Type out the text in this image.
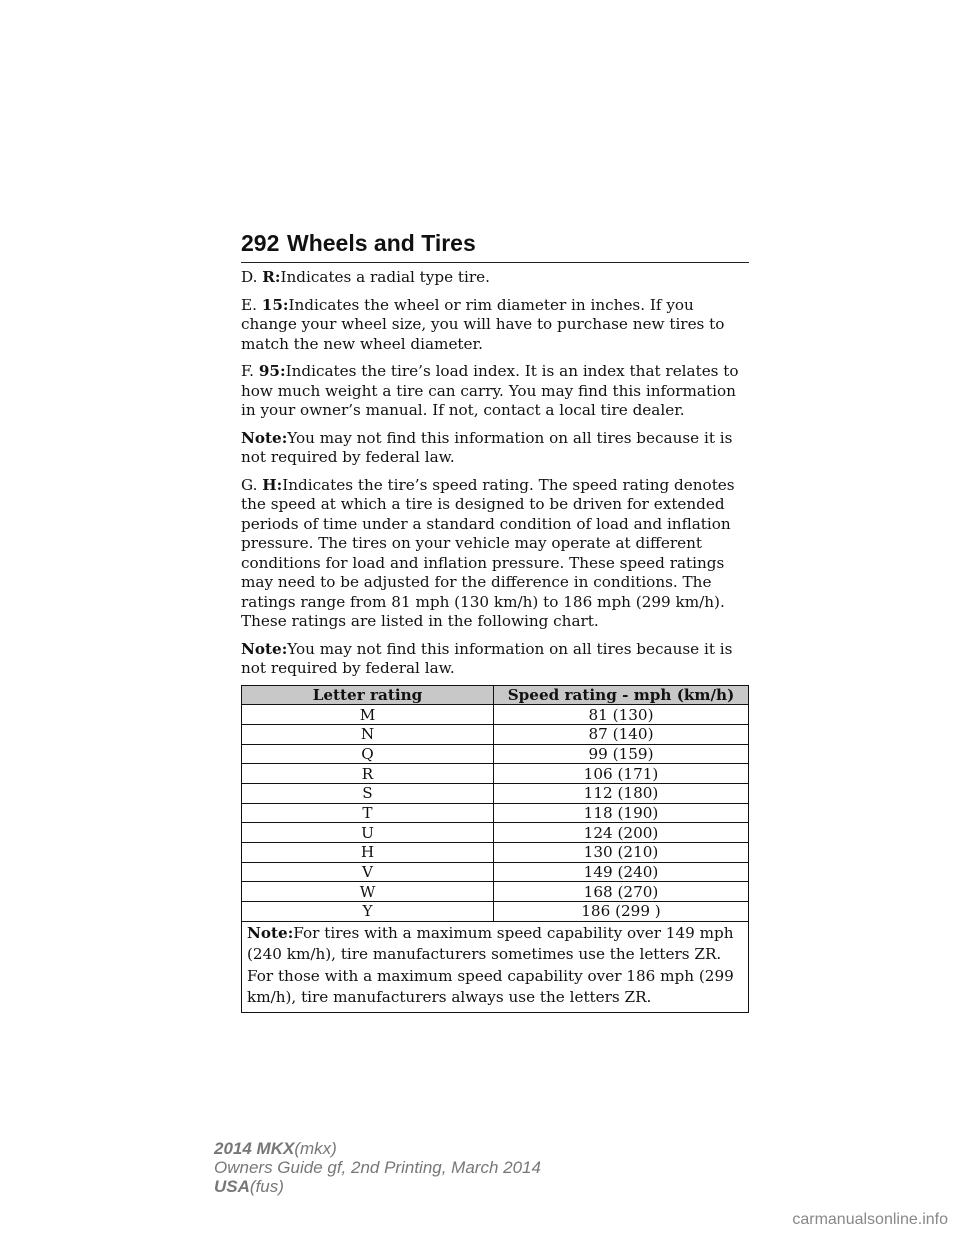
292 Wheels and Tires

D. R:Indicates a radial type tire.

E. 15:Indicates the wheel or rim diameter in inches. If you change your wheel size, you will have to purchase new tires to match the new wheel diameter.

F. 95:Indicates the tire’s load index. It is an index that relates to how much weight a tire can carry. You may find this information in your owner’s manual. If not, contact a local tire dealer.

Note:You may not find this information on all tires because it is not required by federal law.

G. H:Indicates the tire’s speed rating. The speed rating denotes the speed at which a tire is designed to be driven for extended periods of time under a standard condition of load and inflation pressure. The tires on your vehicle may operate at different conditions for load and inflation pressure. These speed ratings may need to be adjusted for the difference in conditions. The ratings range from 81 mph (130 km/h) to 186 mph (299 km/h). These ratings are listed in the following chart.

Note:You may not find this information on all tires because it is not required by federal law.

Letter rating	Speed rating - mph (km/h)
M	81 (130)
N	87 (140)
Q	99 (159)
R	106 (171)
S	112 (180)
T	118 (190)
U	124 (200)
H	130 (210)
V	149 (240)
W	168 (270)
Y	186 (299 )
Note:For tires with a maximum speed capability over 149 mph (240 km/h), tire manufacturers sometimes use the letters ZR. For those with a maximum speed capability over 186 mph (299 km/h), tire manufacturers always use the letters ZR.	
2014 MKX(mkx)
Owners Guide gf, 2nd Printing, March 2014
USA(fus)
carmanualsonline.info
